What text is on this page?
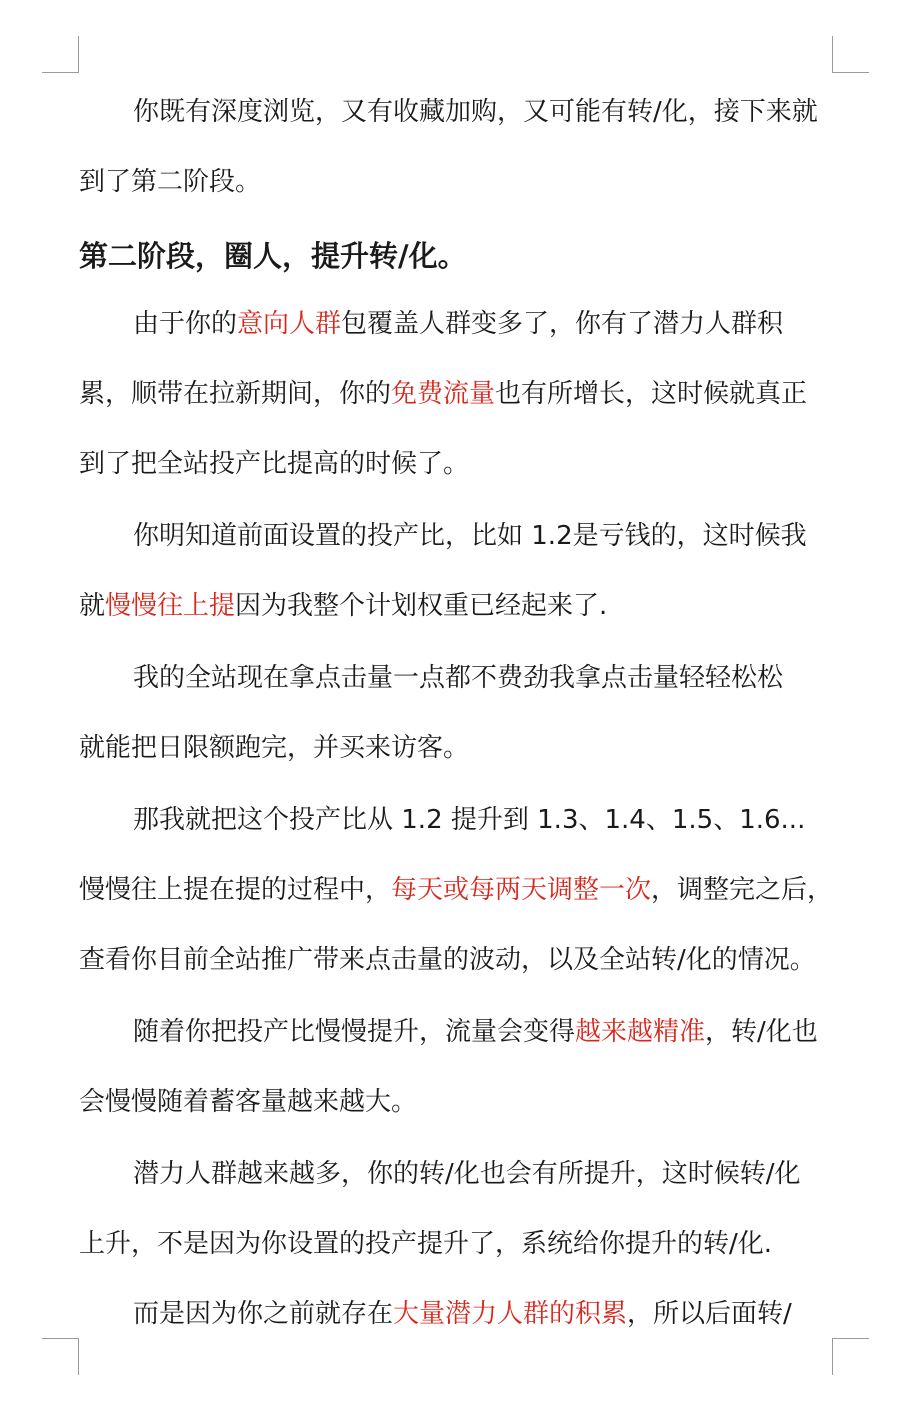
你既有深度浏览，又有收藏加购，又可能有转/化，接下来就
到了第二阶段。
第二阶段，圈人，提升转/化。
由于你的意向人群包覆盖人群变多了，你有了潜力人群积
累，顺带在拉新期间，你的免费流量也有所增长，这时候就真正
到了把全站投产比提高的时候了。
你明知道前面设置的投产比，比如 1.2是亏钱的，这时候我
就慢慢往上提因为我整个计划权重已经起来了.
我的全站现在拿点击量一点都不费劲我拿点击量轻轻松松
就能把日限额跑完，并买来访客。
那我就把这个投产比从 1.2 提升到 1.3、1.4、1.5、1.6...
慢慢往上提在提的过程中，每天或每两天调整一次，调整完之后，
查看你目前全站推广带来点击量的波动，以及全站转/化的情况。
随着你把投产比慢慢提升，流量会变得越来越精准，转/化也
会慢慢随着蓄客量越来越大。
潜力人群越来越多，你的转/化也会有所提升，这时候转/化
上升，不是因为你设置的投产提升了，系统给你提升的转/化.
而是因为你之前就存在大量潜力人群的积累，所以后面转/
